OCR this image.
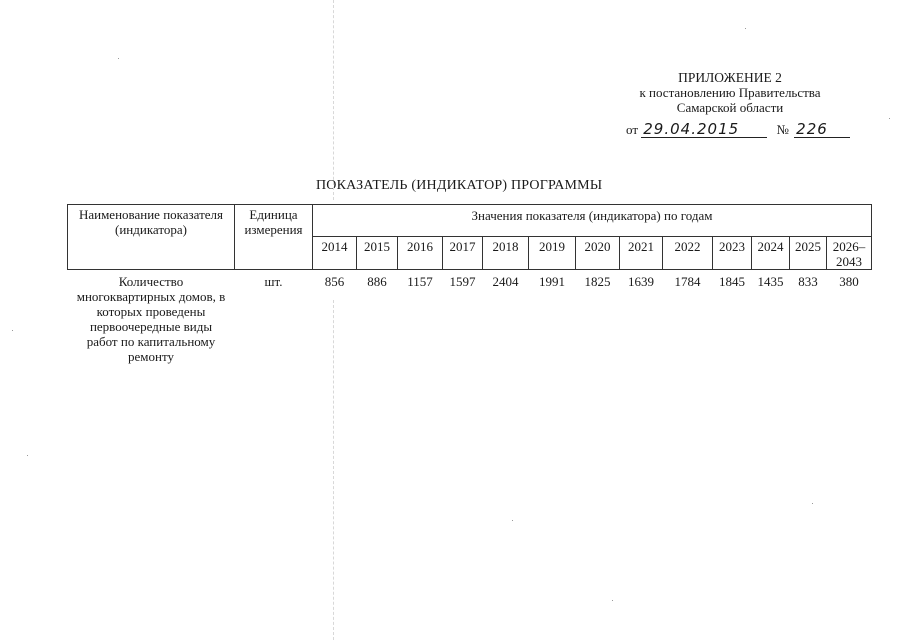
ПРИЛОЖЕНИЕ 2
к постановлению Правительства
Самарской области
от 29.04.2015	№ 226
ПОКАЗАТЕЛЬ (ИНДИКАТОР) ПРОГРАММЫ
Наименование показателя (индикатора)	Единица измерения	Значения показателя (индикатора) по годам												
		2014	2015	2016	2017	2018	2019	2020	2021	2022	2023	2024	2025	2026–2043
Количество многоквартирных домов, в которых проведены первоочередные виды работ по капитальному ремонту	шт.	856	886	1157	1597	2404	1991	1825	1639	1784	1845	1435	833	380
